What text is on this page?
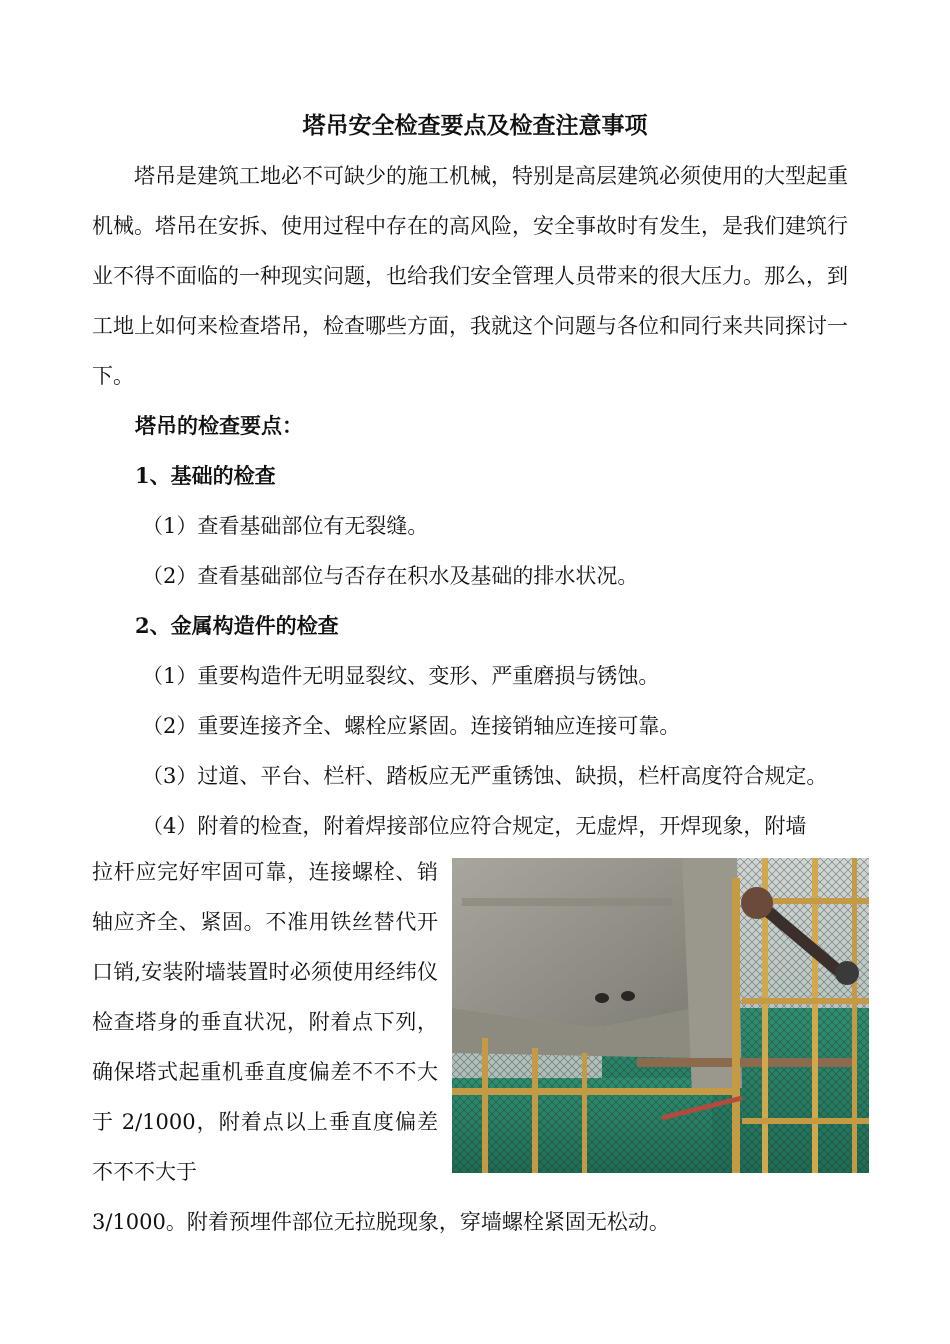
塔吊安全检查要点及检查注意事项
塔吊是建筑工地必不可缺少的施工机械，特别是高层建筑必须使用的大型起重机械。塔吊在安拆、使用过程中存在的高风险，安全事故时有发生，是我们建筑行业不得不面临的一种现实问题，也给我们安全管理人员带来的很大压力。那么，到工地上如何来检查塔吊，检查哪些方面，我就这个问题与各位和同行来共同探讨一下。
塔吊的检查要点：
1、基础的检查
（1）查看基础部位有无裂缝。
（2）查看基础部位与否存在积水及基础的排水状况。
2、金属构造件的检查
（1）重要构造件无明显裂纹、变形、严重磨损与锈蚀。
（2）重要连接齐全、螺栓应紧固。连接销轴应连接可靠。
（3）过道、平台、栏杆、踏板应无严重锈蚀、缺损，栏杆高度符合规定。
（4）附着的检查，附着焊接部位应符合规定，无虚焊，开焊现象，附墙
拉杆应完好牢固可靠，连接螺栓、销轴应齐全、紧固。不准用铁丝替代开口销,安装附墙装置时必须使用经纬仪检查塔身的垂直状况，附着点下列，确保塔式起重机垂直度偏差不不不大于 2/1000，附着点以上垂直度偏差不不不大于
3/1000。附着预埋件部位无拉脱现象，穿墙螺栓紧固无松动。
